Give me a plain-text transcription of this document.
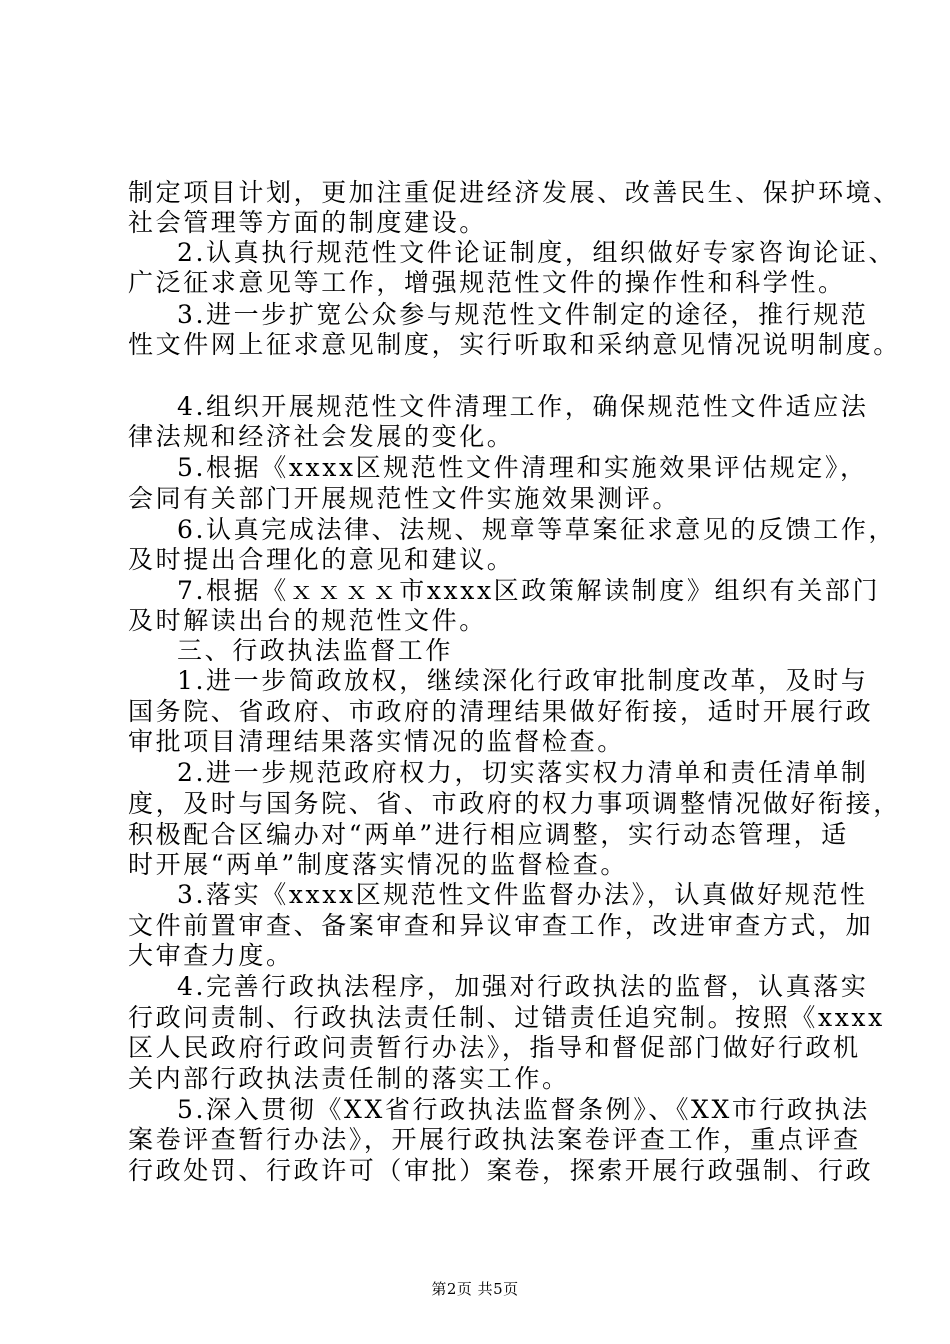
制定项目计划，更加注重促进经济发展、改善民生、保护环境、
社会管理等方面的制度建设。
2.认真执行规范性文件论证制度，组织做好专家咨询论证、
广泛征求意见等工作，增强规范性文件的操作性和科学性。
3.进一步扩宽公众参与规范性文件制定的途径，推行规范
性文件网上征求意见制度，实行听取和采纳意见情况说明制度。
4.组织开展规范性文件清理工作，确保规范性文件适应法
律法规和经济社会发展的变化。
5.根据《xxxx区规范性文件清理和实施效果评估规定》，
会同有关部门开展规范性文件实施效果测评。
6.认真完成法律、法规、规章等草案征求意见的反馈工作，
及时提出合理化的意见和建议。
7.根据《ｘｘｘｘ市xxxx区政策解读制度》组织有关部门
及时解读出台的规范性文件。
三、行政执法监督工作
1.进一步简政放权，继续深化行政审批制度改革，及时与
国务院、省政府、市政府的清理结果做好衔接，适时开展行政
审批项目清理结果落实情况的监督检查。
2.进一步规范政府权力，切实落实权力清单和责任清单制
度，及时与国务院、省、市政府的权力事项调整情况做好衔接，
积极配合区编办对“两单”进行相应调整，实行动态管理，适
时开展“两单”制度落实情况的监督检查。
3.落实《xxxx区规范性文件监督办法》，认真做好规范性
文件前置审查、备案审查和异议审查工作，改进审查方式，加
大审查力度。
4.完善行政执法程序，加强对行政执法的监督，认真落实
行政问责制、行政执法责任制、过错责任追究制。按照《xxxx
区人民政府行政问责暂行办法》，指导和督促部门做好行政机
关内部行政执法责任制的落实工作。
5.深入贯彻《XX省行政执法监督条例》、《XX市行政执法
案卷评查暂行办法》，开展行政执法案卷评查工作，重点评查
行政处罚、行政许可（审批）案卷，探索开展行政强制、行政
第2页 共5页
